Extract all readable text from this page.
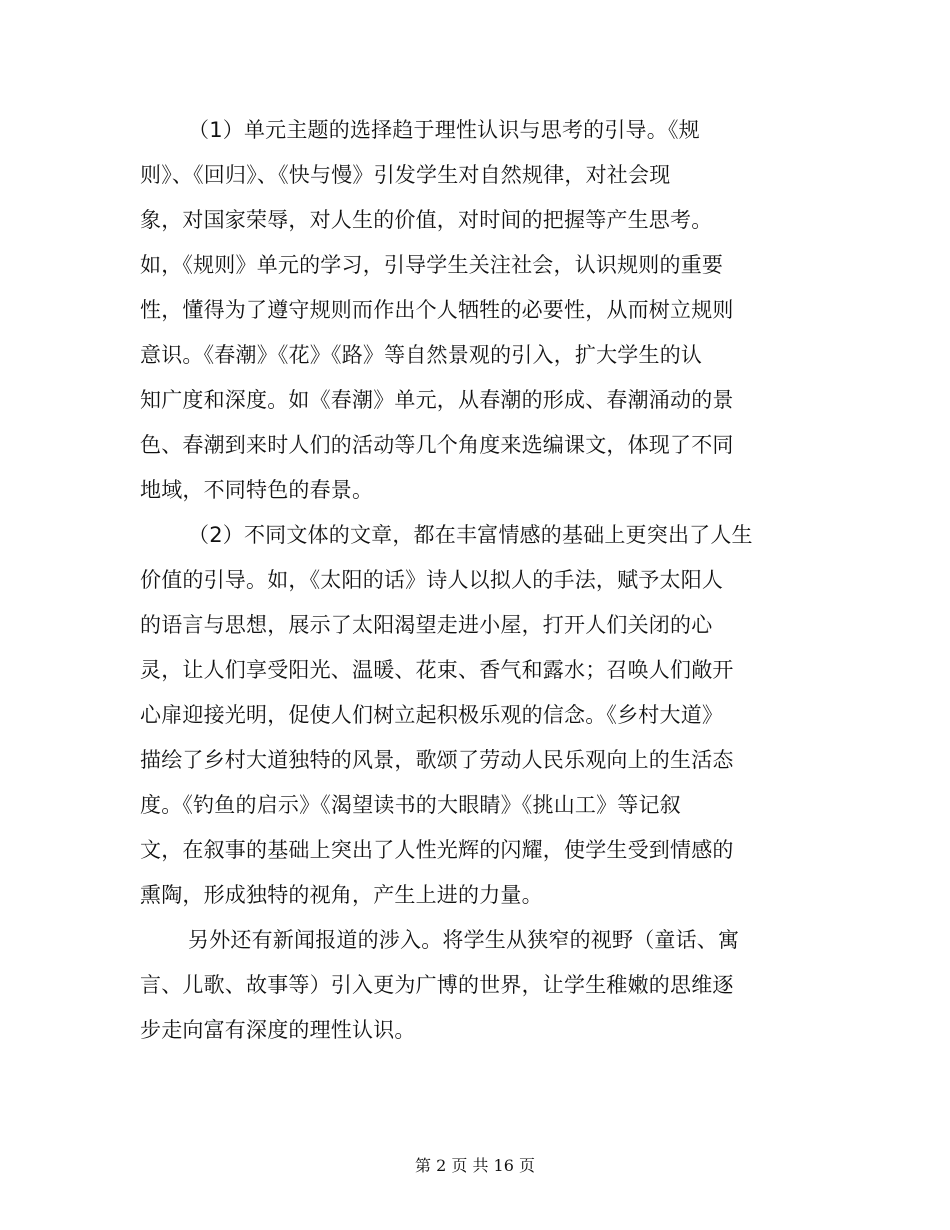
（1）单元主题的选择趋于理性认识与思考的引导。《规
则》、《回归》、《快与慢》引发学生对自然规律，对社会现
象，对国家荣辱，对人生的价值，对时间的把握等产生思考。
如，《规则》单元的学习，引导学生关注社会，认识规则的重要
性，懂得为了遵守规则而作出个人牺牲的必要性，从而树立规则
意识。《春潮》《花》《路》等自然景观的引入，扩大学生的认
知广度和深度。如《春潮》单元，从春潮的形成、春潮涌动的景
色、春潮到来时人们的活动等几个角度来选编课文，体现了不同
地域，不同特色的春景。
（2）不同文体的文章，都在丰富情感的基础上更突出了人生
价值的引导。如，《太阳的话》诗人以拟人的手法，赋予太阳人
的语言与思想，展示了太阳渴望走进小屋，打开人们关闭的心
灵，让人们享受阳光、温暖、花束、香气和露水；召唤人们敞开
心扉迎接光明，促使人们树立起积极乐观的信念。《乡村大道》
描绘了乡村大道独特的风景，歌颂了劳动人民乐观向上的生活态
度。《钓鱼的启示》《渴望读书的大眼睛》《挑山工》等记叙
文，在叙事的基础上突出了人性光辉的闪耀，使学生受到情感的
熏陶，形成独特的视角，产生上进的力量。
另外还有新闻报道的涉入。将学生从狭窄的视野（童话、寓
言、儿歌、故事等）引入更为广博的世界，让学生稚嫩的思维逐
步走向富有深度的理性认识。
第 2 页 共 16 页
